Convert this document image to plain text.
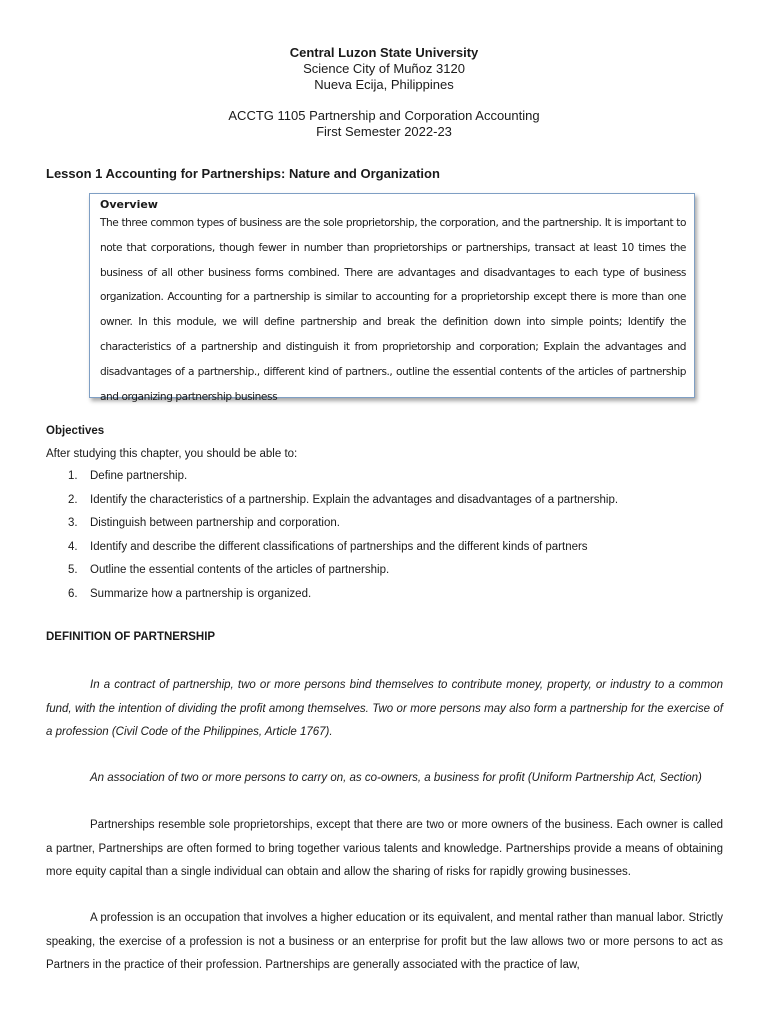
Central Luzon State University
Science City of Muñoz 3120
Nueva Ecija, Philippines
ACCTG 1105 Partnership and Corporation Accounting
First Semester 2022-23
Lesson 1 Accounting for Partnerships: Nature and Organization
Overview
The three common types of business are the sole proprietorship, the corporation, and the partnership. It is important to note that corporations, though fewer in number than proprietorships or partnerships, transact at least 10 times the business of all other business forms combined. There are advantages and disadvantages to each type of business organization. Accounting for a partnership is similar to accounting for a proprietorship except there is more than one owner. In this module, we will define partnership and break the definition down into simple points; Identify the characteristics of a partnership and distinguish it from proprietorship and corporation; Explain the advantages and disadvantages of a partnership., different kind of partners., outline the essential contents of the articles of partnership and organizing partnership business
Objectives
After studying this chapter, you should be able to:
1. Define partnership.
2. Identify the characteristics of a partnership. Explain the advantages and disadvantages of a partnership.
3. Distinguish between partnership and corporation.
4. Identify and describe the different classifications of partnerships and the different kinds of partners
5. Outline the essential contents of the articles of partnership.
6. Summarize how a partnership is organized.
DEFINITION OF PARTNERSHIP
In a contract of partnership, two or more persons bind themselves to contribute money, property, or industry to a common fund, with the intention of dividing the profit among themselves. Two or more persons may also form a partnership for the exercise of a profession (Civil Code of the Philippines, Article 1767).
An association of two or more persons to carry on, as co-owners, a business for profit (Uniform Partnership Act, Section)
Partnerships resemble sole proprietorships, except that there are two or more owners of the business. Each owner is called a partner, Partnerships are often formed to bring together various talents and knowledge. Partnerships provide a means of obtaining more equity capital than a single individual can obtain and allow the sharing of risks for rapidly growing businesses.
A profession is an occupation that involves a higher education or its equivalent, and mental rather than manual labor. Strictly speaking, the exercise of a profession is not a business or an enterprise for profit but the law allows two or more persons to act as Partners in the practice of their profession. Partnerships are generally associated with the practice of law,
